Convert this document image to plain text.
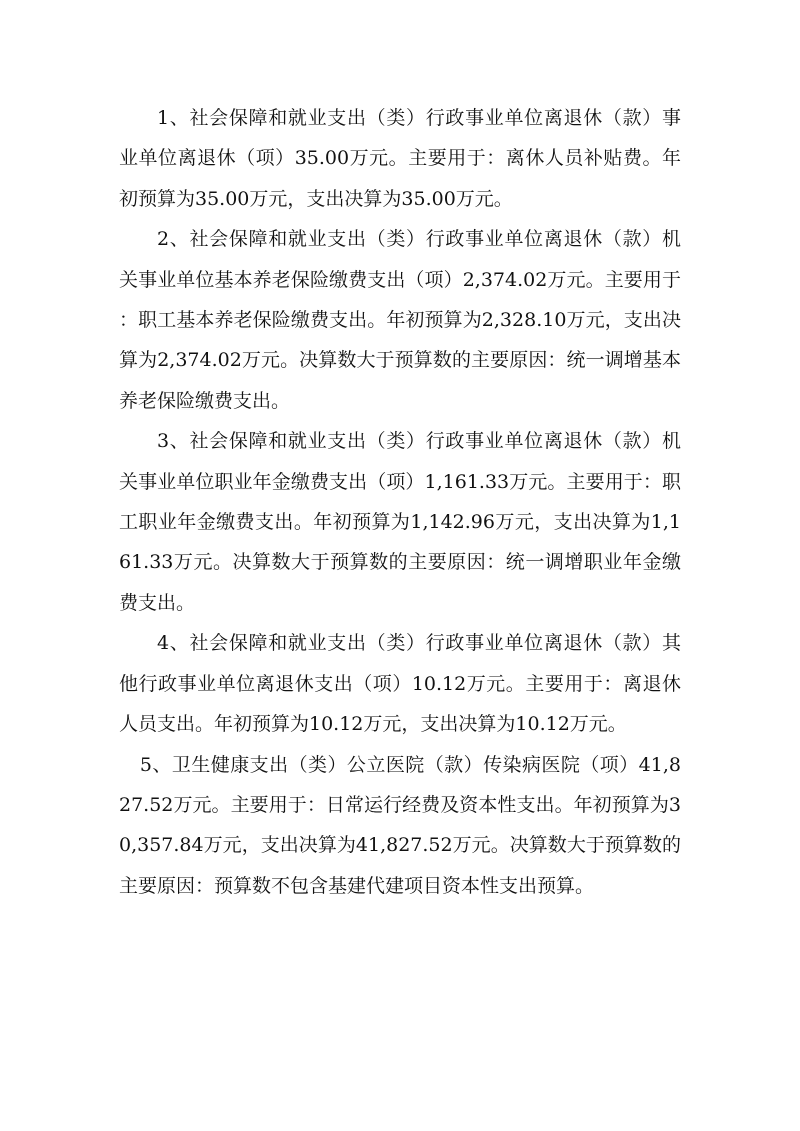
1、社会保障和就业支出（类）行政事业单位离退休（款）事业单位离退休（项）35.00万元。主要用于：离休人员补贴费。年初预算为35.00万元，支出决算为35.00万元。

2、社会保障和就业支出（类）行政事业单位离退休（款）机关事业单位基本养老保险缴费支出（项）2,374.02万元。主要用于：职工基本养老保险缴费支出。年初预算为2,328.10万元，支出决算为2,374.02万元。决算数大于预算数的主要原因：统一调增基本养老保险缴费支出。

3、社会保障和就业支出（类）行政事业单位离退休（款）机关事业单位职业年金缴费支出（项）1,161.33万元。主要用于：职工职业年金缴费支出。年初预算为1,142.96万元，支出决算为1,161.33万元。决算数大于预算数的主要原因：统一调增职业年金缴费支出。

4、社会保障和就业支出（类）行政事业单位离退休（款）其他行政事业单位离退休支出（项）10.12万元。主要用于：离退休人员支出。年初预算为10.12万元，支出决算为10.12万元。

5、卫生健康支出（类）公立医院（款）传染病医院（项）41,827.52万元。主要用于：日常运行经费及资本性支出。年初预算为30,357.84万元，支出决算为41,827.52万元。决算数大于预算数的主要原因：预算数不包含基建代建项目资本性支出预算。
